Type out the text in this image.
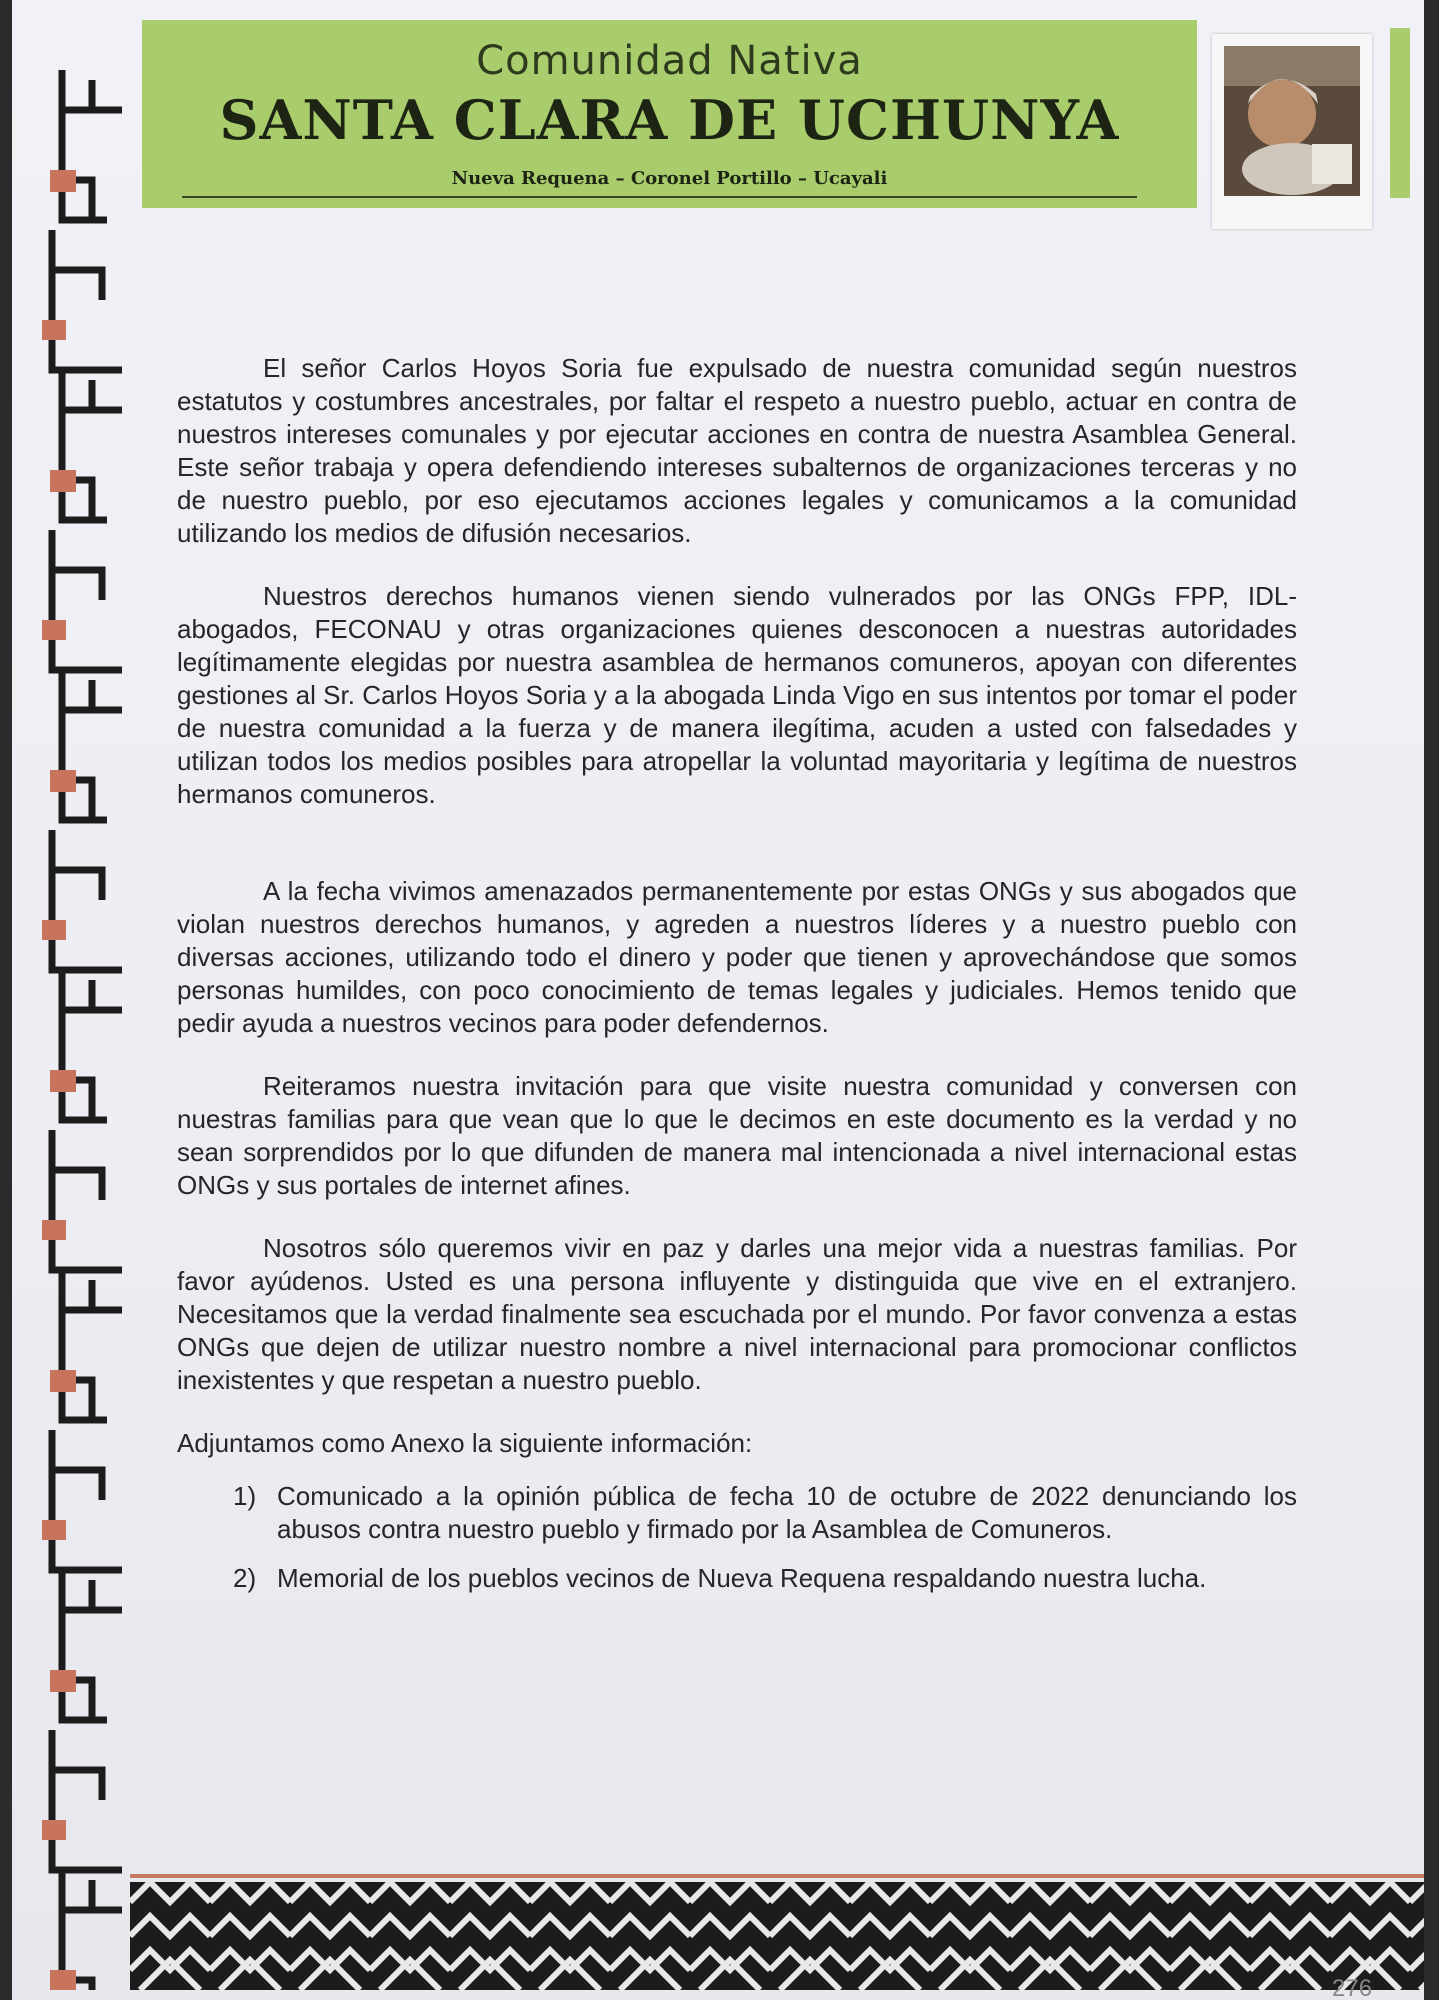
Comunidad Nativa
SANTA CLARA DE UCHUNYA
Nueva Requena – Coronel Portillo – Ucayali

El señor Carlos Hoyos Soria fue expulsado de nuestra comunidad según nuestros estatutos y costumbres ancestrales, por faltar el respeto a nuestro pueblo, actuar en contra de nuestros intereses comunales y por ejecutar acciones en contra de nuestra Asamblea General. Este señor trabaja y opera defendiendo intereses subalternos de organizaciones terceras y no de nuestro pueblo, por eso ejecutamos acciones legales y comunicamos a la comunidad utilizando los medios de difusión necesarios.

Nuestros derechos humanos vienen siendo vulnerados por las ONGs FPP, IDL-abogados, FECONAU y otras organizaciones quienes desconocen a nuestras autoridades legítimamente elegidas por nuestra asamblea de hermanos comuneros, apoyan con diferentes gestiones al Sr. Carlos Hoyos Soria y a la abogada Linda Vigo en sus intentos por tomar el poder de nuestra comunidad a la fuerza y de manera ilegítima, acuden a usted con falsedades y utilizan todos los medios posibles para atropellar la voluntad mayoritaria y legítima de nuestros hermanos comuneros.

A la fecha vivimos amenazados permanentemente por estas ONGs y sus abogados que violan nuestros derechos humanos, y agreden a nuestros líderes y a nuestro pueblo con diversas acciones, utilizando todo el dinero y poder que tienen y aprovechándose que somos personas humildes, con poco conocimiento de temas legales y judiciales. Hemos tenido que pedir ayuda a nuestros vecinos para poder defendernos.

Reiteramos nuestra invitación para que visite nuestra comunidad y conversen con nuestras familias para que vean que lo que le decimos en este documento es la verdad y no sean sorprendidos por lo que difunden de manera mal intencionada a nivel internacional estas ONGs y sus portales de internet afines.

Nosotros sólo queremos vivir en paz y darles una mejor vida a nuestras familias. Por favor ayúdenos. Usted es una persona influyente y distinguida que vive en el extranjero. Necesitamos que la verdad finalmente sea escuchada por el mundo. Por favor convenza a estas ONGs que dejen de utilizar nuestro nombre a nivel internacional para promocionar conflictos inexistentes y que respetan a nuestro pueblo.

Adjuntamos como Anexo la siguiente información:

1) Comunicado a la opinión pública de fecha 10 de octubre de 2022 denunciando los abusos contra nuestro pueblo y firmado por la Asamblea de Comuneros.
2) Memorial de los pueblos vecinos de Nueva Requena respaldando nuestra lucha.
276
